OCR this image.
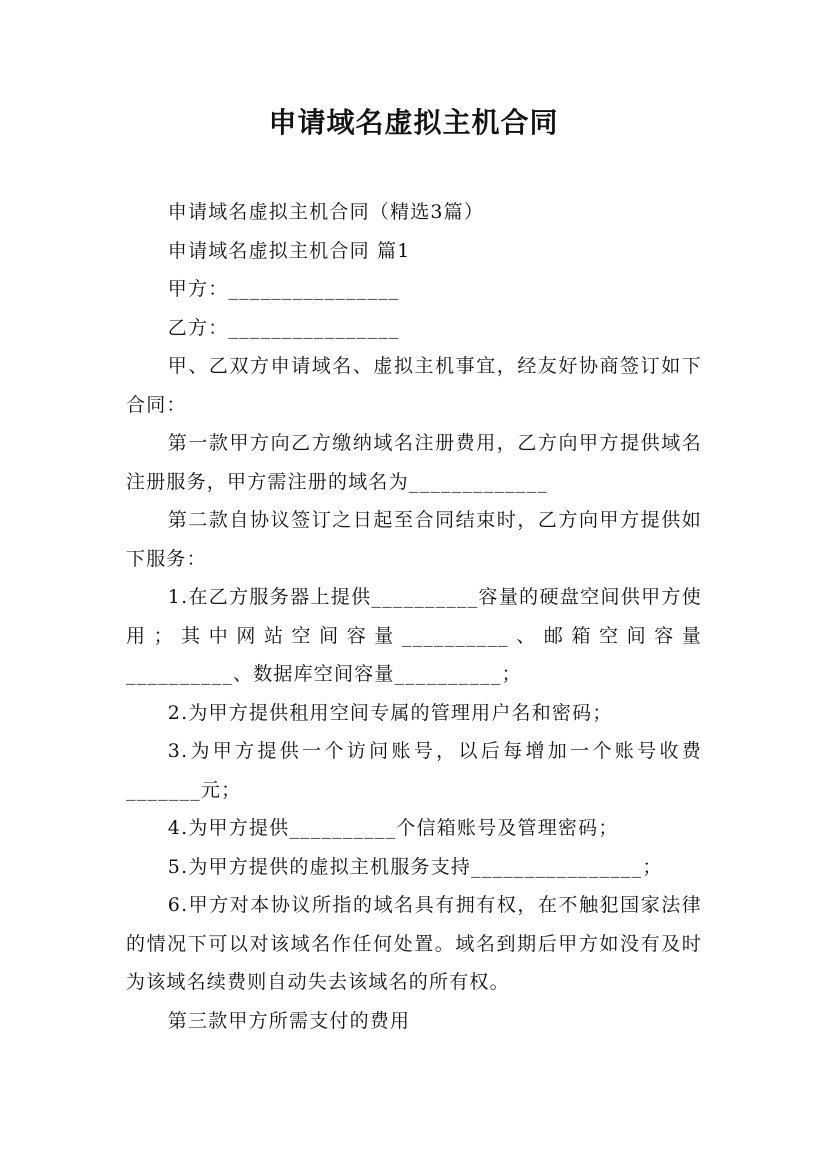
申请域名虚拟主机合同

申请域名虚拟主机合同（精选3篇）

申请域名虚拟主机合同 篇1

甲方：________________

乙方：________________

甲、乙双方申请域名、虚拟主机事宜，经友好协商签订如下合同：

第一款甲方向乙方缴纳域名注册费用，乙方向甲方提供域名注册服务，甲方需注册的域名为_____________

第二款自协议签订之日起至合同结束时，乙方向甲方提供如下服务：

1.在乙方服务器上提供__________容量的硬盘空间供甲方使用；其中网站空间容量__________、邮箱空间容量__________、数据库空间容量__________；

2.为甲方提供租用空间专属的管理用户名和密码；

3.为甲方提供一个访问账号，以后每增加一个账号收费_______元；

4.为甲方提供__________个信箱账号及管理密码；

5.为甲方提供的虚拟主机服务支持________________；

6.甲方对本协议所指的域名具有拥有权，在不触犯国家法律的情况下可以对该域名作任何处置。域名到期后甲方如没有及时为该域名续费则自动失去该域名的所有权。

第三款甲方所需支付的费用
